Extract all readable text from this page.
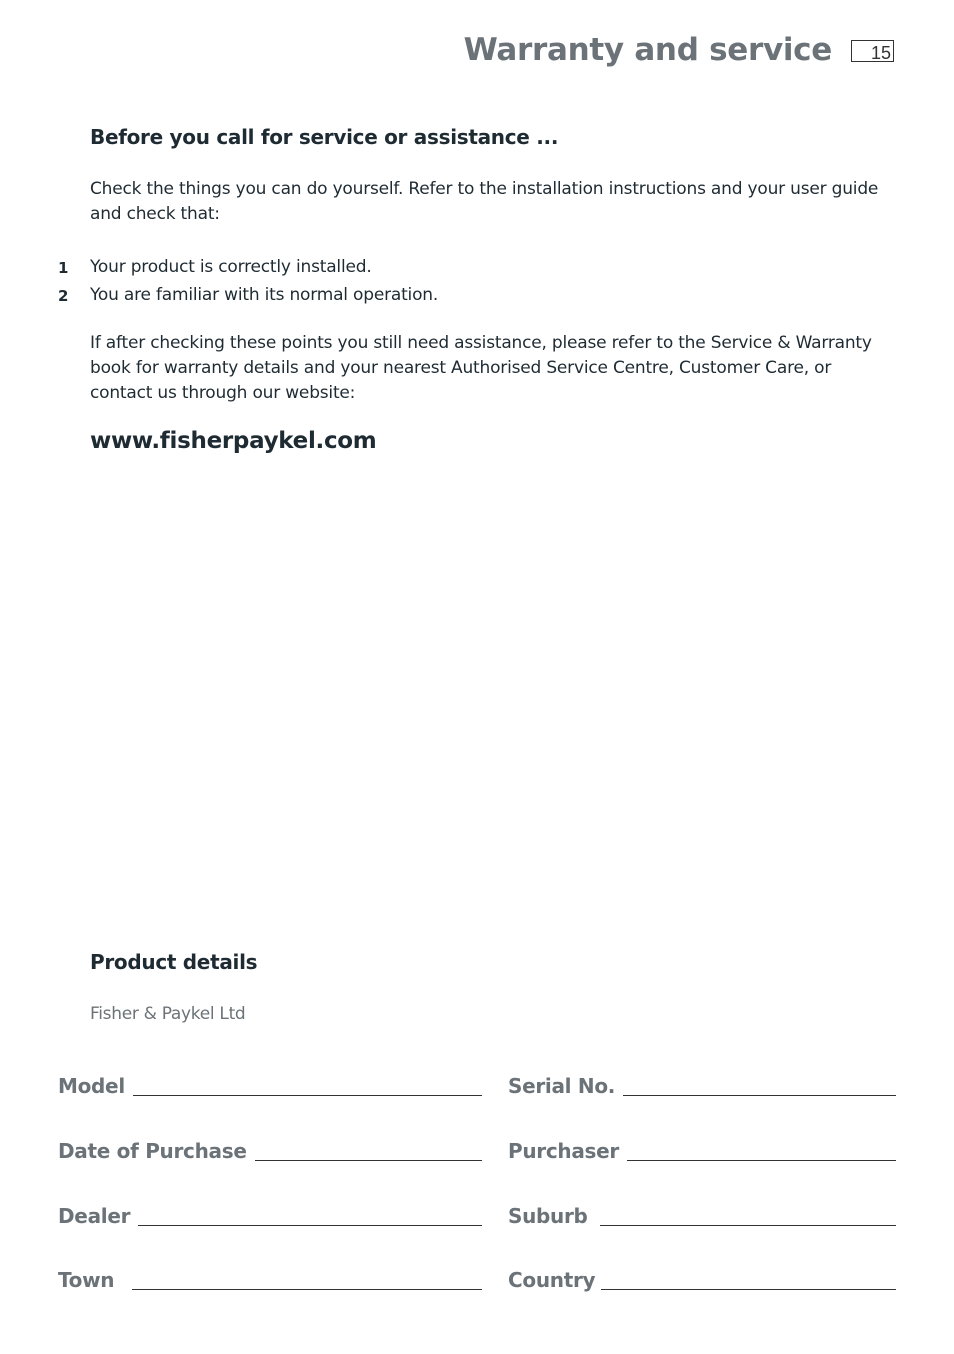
Warranty and service	15
Before you call for service or assistance ...
Check the things you can do yourself. Refer to the installation instructions and your user guide and check that:
1 Your product is correctly installed.
2 You are familiar with its normal operation.
If after checking these points you still need assistance, please refer to the Service & Warranty book for warranty details and your nearest Authorised Service Centre, Customer Care, or contact us through our website:
www.fisherpaykel.com
Product details
Fisher & Paykel Ltd
Model	Serial No.
Date of Purchase	Purchaser
Dealer	Suburb
Town	Country
